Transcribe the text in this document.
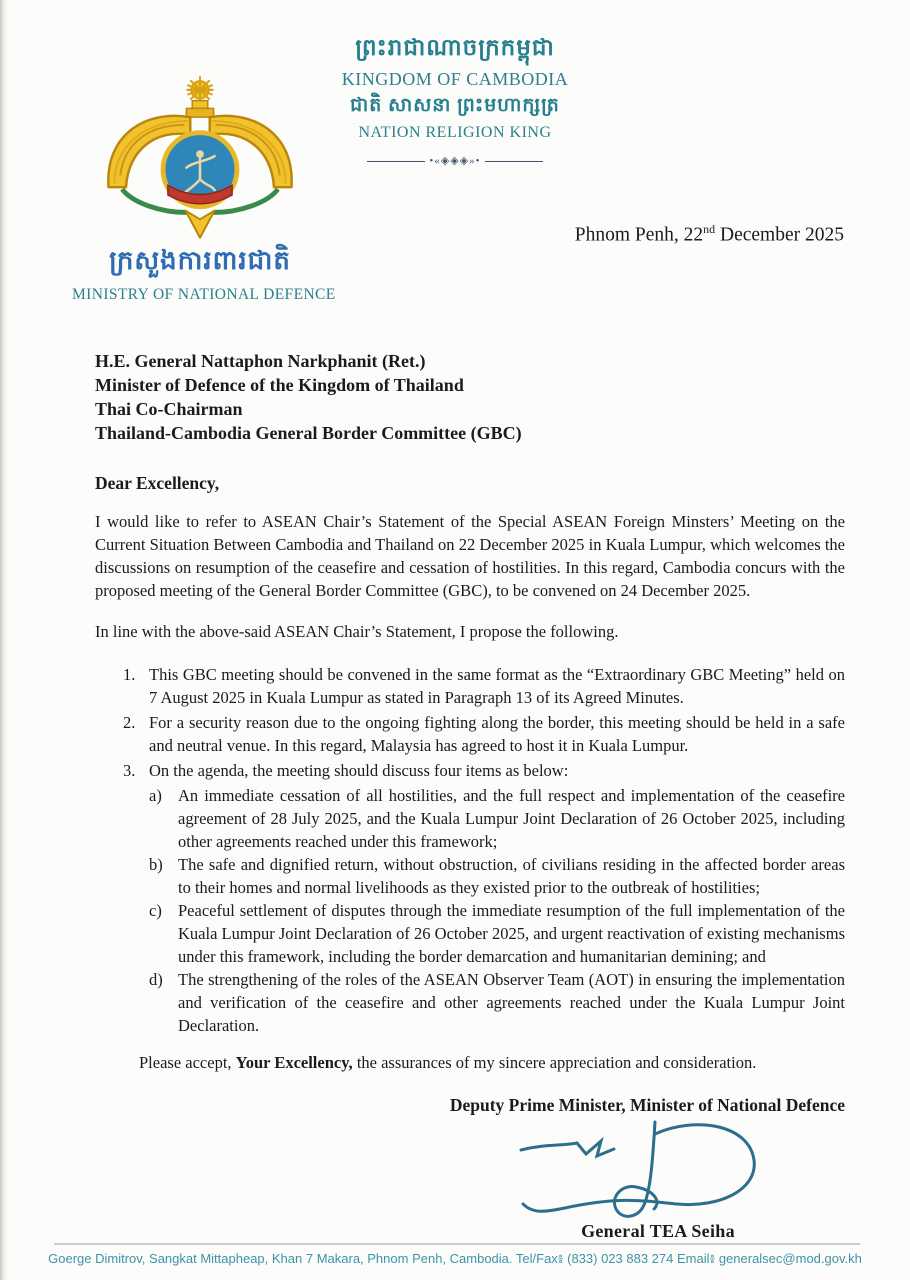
ព្រះរាជាណាចក្រកម្ពុជា
KINGDOM OF CAMBODIA
ជាតិ សាសនា ព្រះមហាក្សត្រ
NATION RELIGION KING
•«◈◈◈»•
ក្រសួងការពារជាតិ
MINISTRY OF NATIONAL DEFENCE
Phnom Penh, 22nd December 2025
H.E. General Nattaphon Narkphanit (Ret.)
Minister of Defence of the Kingdom of Thailand
Thai Co-Chairman
Thailand-Cambodia General Border Committee (GBC)
Dear Excellency,
I would like to refer to ASEAN Chair’s Statement of the Special ASEAN Foreign Minsters’ Meeting on the Current Situation Between Cambodia and Thailand on 22 December 2025 in Kuala Lumpur, which welcomes the discussions on resumption of the ceasefire and cessation of hostilities. In this regard, Cambodia concurs with the proposed meeting of the General Border Committee (GBC), to be convened on 24 December 2025.
In line with the above-said ASEAN Chair’s Statement, I propose the following.
1. This GBC meeting should be convened in the same format as the “Extraordinary GBC Meeting” held on 7 August 2025 in Kuala Lumpur as stated in Paragraph 13 of its Agreed Minutes.
2. For a security reason due to the ongoing fighting along the border, this meeting should be held in a safe and neutral venue. In this regard, Malaysia has agreed to host it in Kuala Lumpur.
3. On the agenda, the meeting should discuss four items as below:
a) An immediate cessation of all hostilities, and the full respect and implementation of the ceasefire agreement of 28 July 2025, and the Kuala Lumpur Joint Declaration of 26 October 2025, including other agreements reached under this framework;
b) The safe and dignified return, without obstruction, of civilians residing in the affected border areas to their homes and normal livelihoods as they existed prior to the outbreak of hostilities;
c) Peaceful settlement of disputes through the immediate resumption of the full implementation of the Kuala Lumpur Joint Declaration of 26 October 2025, and urgent reactivation of existing mechanisms under this framework, including the border demarcation and humanitarian demining; and
d) The strengthening of the roles of the ASEAN Observer Team (AOT) in ensuring the implementation and verification of the ceasefire and other agreements reached under the Kuala Lumpur Joint Declaration.
Please accept, Your Excellency, the assurances of my sincere appreciation and consideration.
Deputy Prime Minister, Minister of National Defence
General TEA Seiha
Goerge Dimitrov, Sangkat Mittapheap, Khan 7 Makara, Phnom Penh, Cambodia. Tel/Fax៖ (833) 023 883 274 Email៖ generalsec@mod.gov.kh
